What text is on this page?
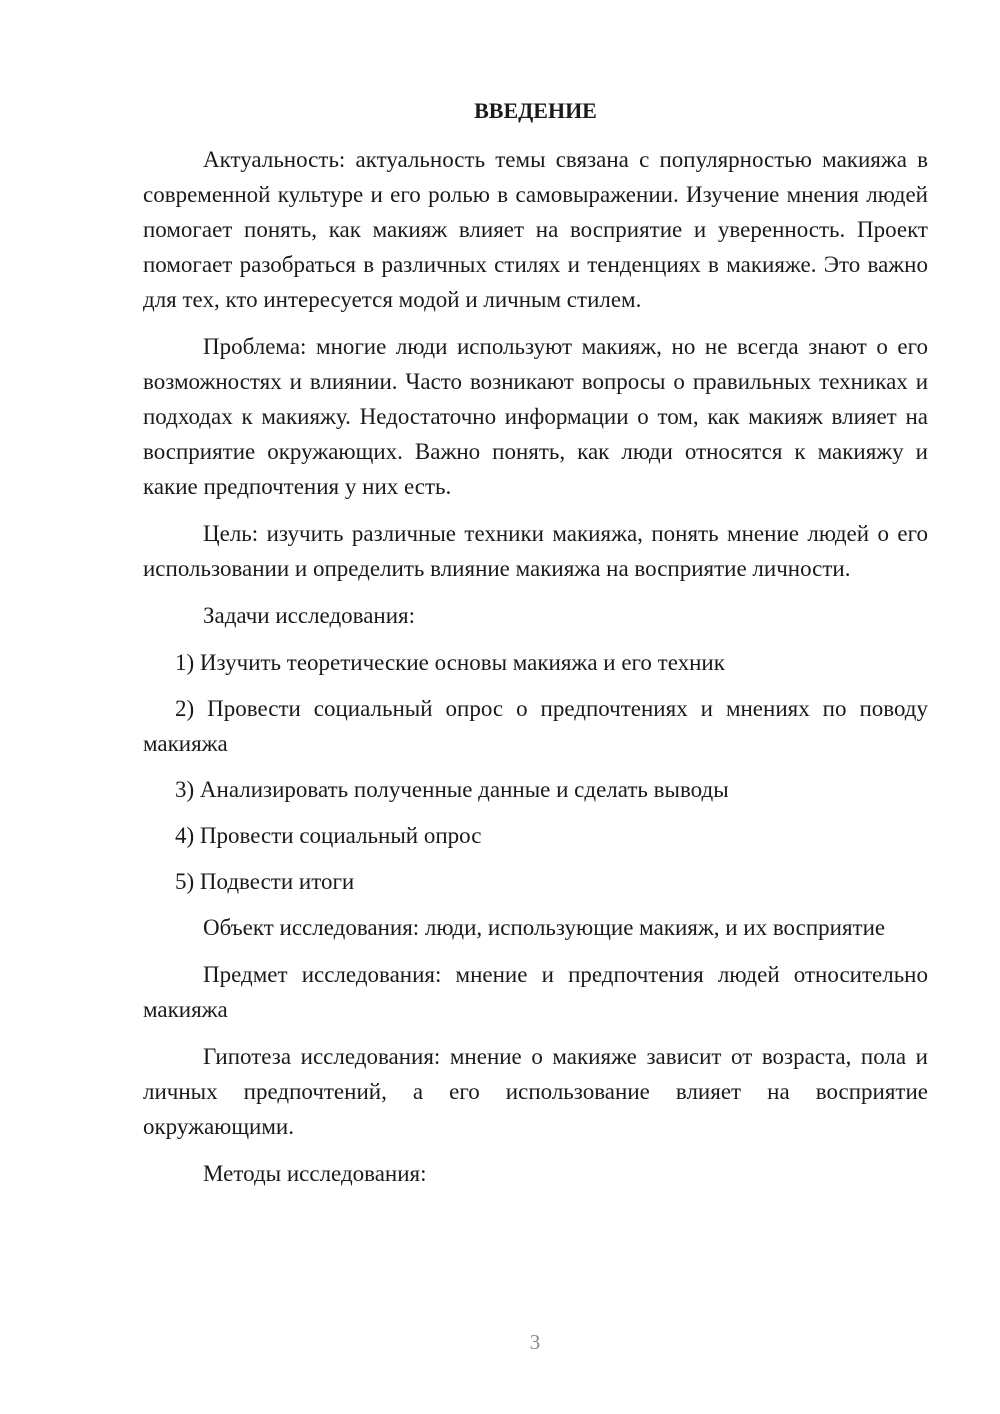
ВВЕДЕНИЕ

Актуальность: актуальность темы связана с популярностью макияжа в современной культуре и его ролью в самовыражении. Изучение мнения людей помогает понять, как макияж влияет на восприятие и уверенность. Проект помогает разобраться в различных стилях и тенденциях в макияже. Это важно для тех, кто интересуется модой и личным стилем.

Проблема: многие люди используют макияж, но не всегда знают о его возможностях и влиянии. Часто возникают вопросы о правильных техниках и подходах к макияжу. Недостаточно информации о том, как макияж влияет на восприятие окружающих. Важно понять, как люди относятся к макияжу и какие предпочтения у них есть.

Цель: изучить различные техники макияжа, понять мнение людей о его использовании и определить влияние макияжа на восприятие личности.

Задачи исследования:

1) Изучить теоретические основы макияжа и его техник

2) Провести социальный опрос о предпочтениях и мнениях по поводу макияжа

3) Анализировать полученные данные и сделать выводы

4) Провести социальный опрос

5) Подвести итоги

Объект исследования: люди, использующие макияж, и их восприятие

Предмет исследования: мнение и предпочтения людей относительно макияжа

Гипотеза исследования: мнение о макияже зависит от возраста, пола и личных предпочтений, а его использование влияет на восприятие окружающими.

Методы исследования:

3
